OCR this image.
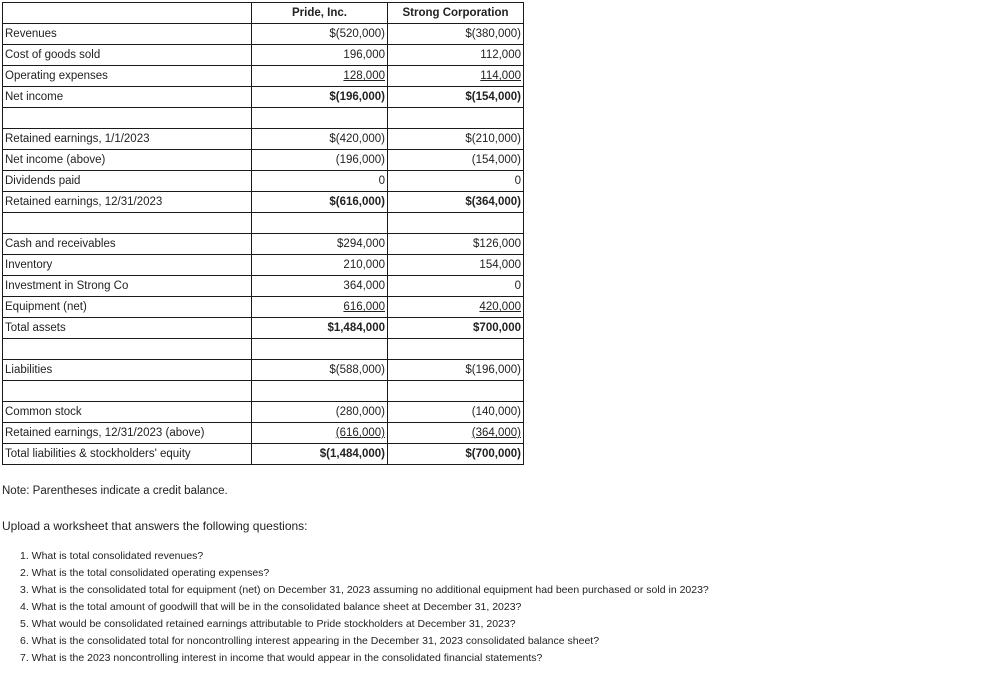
	Pride, Inc.	Strong Corporation
Revenues	$(520,000)	$(380,000)
Cost of goods sold	196,000	112,000
Operating expenses	128,000	114,000
Net income	$(196,000)	$(154,000)

Retained earnings, 1/1/2023	$(420,000)	$(210,000)
Net income (above)	(196,000)	(154,000)
Dividends paid	0	0
Retained earnings, 12/31/2023	$(616,000)	$(364,000)

Cash and receivables	$294,000	$126,000
Inventory	210,000	154,000
Investment in Strong Co	364,000	0
Equipment (net)	616,000	420,000
Total assets	$1,484,000	$700,000

Liabilities	$(588,000)	$(196,000)

Common stock	(280,000)	(140,000)
Retained earnings, 12/31/2023 (above)	(616,000)	(364,000)
Total liabilities & stockholders' equity	$(1,484,000)	$(700,000)
Note: Parentheses indicate a credit balance.
Upload a worksheet that answers the following questions:
1. What is total consolidated revenues?
2. What is the total consolidated operating expenses?
3. What is the consolidated total for equipment (net) on December 31, 2023 assuming no additional equipment had been purchased or sold in 2023?
4. What is the total amount of goodwill that will be in the consolidated balance sheet at December 31, 2023?
5. What would be consolidated retained earnings attributable to Pride stockholders at December 31, 2023?
6. What is the consolidated total for noncontrolling interest appearing in the December 31, 2023 consolidated balance sheet?
7. What is the 2023 noncontrolling interest in income that would appear in the consolidated financial statements?
